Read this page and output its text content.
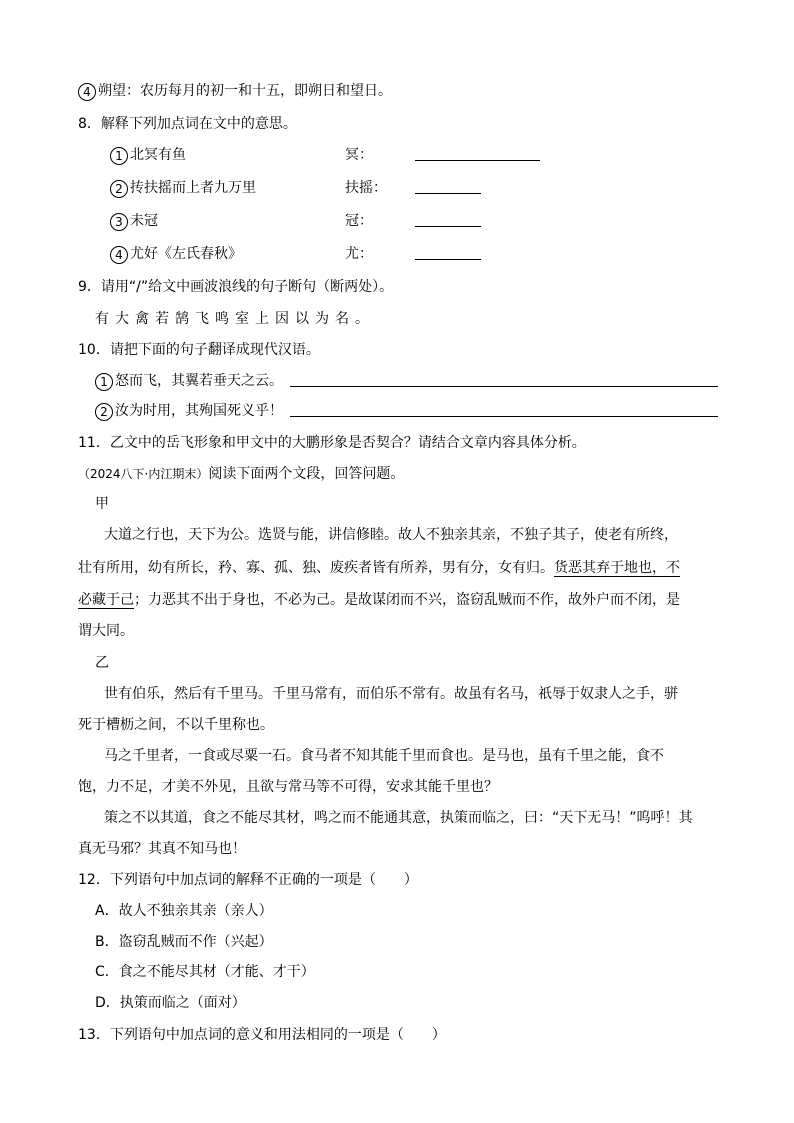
4 朔望：农历每月的初一和十五，即朔日和望日。
8．解释下列加点词在文中的意思。
1 北冥有鱼	冥：
2 抟扶摇而上者九万里	扶摇：
3 未冠	冠：
4 尤好《左氏春秋》	尤：
9．请用“/”给文中画波浪线的句子断句（断两处）。
有大禽若鹄飞鸣室上因以为名。
10．请把下面的句子翻译成现代汉语。
1 怒而飞，其翼若垂天之云。
2 汝为时用，其殉国死义乎！
11．乙文中的岳飞形象和甲文中的大鹏形象是否契合？请结合文章内容具体分析。
（2024八下·内江期末）阅读下面两个文段，回答问题。
甲
大道之行也，天下为公。选贤与能，讲信修睦。故人不独亲其亲，不独子其子，使老有所终，
壮有所用，幼有所长，矜、寡、孤、独、废疾者皆有所养，男有分，女有归。货恶其弃于地也，不
必藏于己；力恶其不出于身也，不必为己。是故谋闭而不兴，盗窃乱贼而不作，故外户而不闭，是
谓大同。
乙
世有伯乐，然后有千里马。千里马常有，而伯乐不常有。故虽有名马，祇辱于奴隶人之手，骈
死于槽枥之间，不以千里称也。
马之千里者，一食或尽粟一石。食马者不知其能千里而食也。是马也，虽有千里之能，食不
饱，力不足，才美不外见，且欲与常马等不可得，安求其能千里也？
策之不以其道，食之不能尽其材，鸣之而不能通其意，执策而临之，曰：“天下无马！”呜呼！其
真无马邪？其真不知马也！
12．下列语句中加点词的解释不正确的一项是（　　）
A．故人不独亲其亲（亲人）
B．盗窃乱贼而不作（兴起）
C．食之不能尽其材（才能、才干）
D．执策而临之（面对）
13．下列语句中加点词的意义和用法相同的一项是（　　）
